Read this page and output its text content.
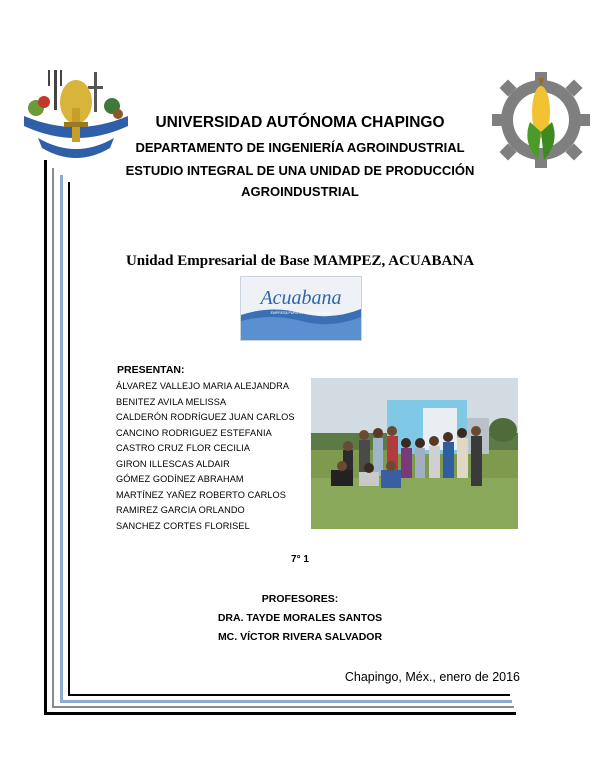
UNIVERSIDAD AUTÓNOMA CHAPINGO
DEPARTAMENTO DE INGENIERÍA AGROINDUSTRIAL
ESTUDIO INTEGRAL DE UNA UNIDAD DE PRODUCCIÓN
AGROINDUSTRIAL
Unidad Empresarial de Base MAMPEZ, ACUABANA
Acuabana
EMPRESA PURIFICADORA DE AGUA
PRESENTAN:
ÁLVAREZ VALLEJO MARIA ALEJANDRA
BENITEZ AVILA MELISSA
CALDERÓN RODRÍGUEZ JUAN CARLOS
CANCINO RODRIGUEZ ESTEFANIA
CASTRO CRUZ FLOR CECILIA
GIRON ILLESCAS ALDAIR
GÓMEZ GODÍNEZ ABRAHAM
MARTÍNEZ YAÑEZ ROBERTO CARLOS
RAMIREZ GARCIA ORLANDO
SANCHEZ CORTES FLORISEL
7° 1
PROFESORES:
DRA. TAYDE MORALES SANTOS
MC. VÍCTOR RIVERA SALVADOR
Chapingo, Méx., enero de 2016
